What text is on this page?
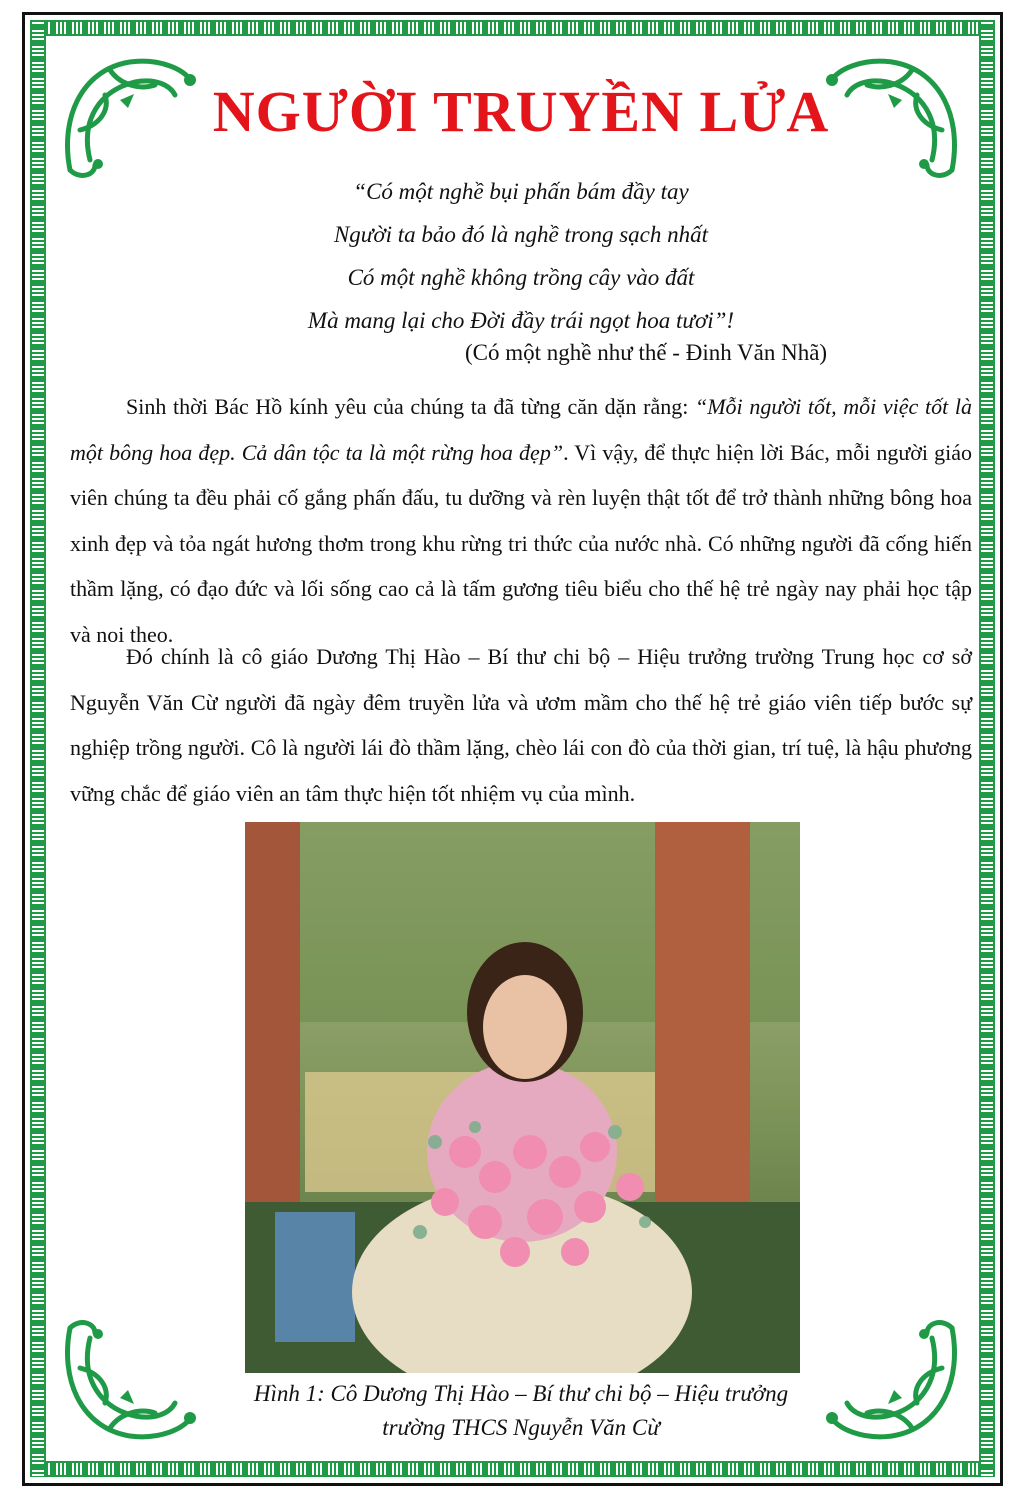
NGƯỜI TRUYỀN LỬA
“Có một nghề bụi phấn bám đầy tay
Người ta bảo đó là nghề trong sạch nhất
Có một nghề không trồng cây vào đất
Mà mang lại cho Đời đầy trái ngọt hoa tươi”!
(Có một nghề như thế - Đinh Văn Nhã)

Sinh thời Bác Hồ kính yêu của chúng ta đã từng căn dặn rằng: “Mỗi người tốt, mỗi việc tốt là một bông hoa đẹp. Cả dân tộc ta là một rừng hoa đẹp”. Vì vậy, để thực hiện lời Bác, mỗi người giáo viên chúng ta đều phải cố gắng phấn đấu, tu dưỡng và rèn luyện thật tốt để trở thành những bông hoa xinh đẹp và tỏa ngát hương thơm trong khu rừng tri thức của nước nhà. Có những người đã cống hiến thầm lặng, có đạo đức và lối sống cao cả là tấm gương tiêu biểu cho thế hệ trẻ ngày nay phải học tập và noi theo.

Đó chính là cô giáo Dương Thị Hào – Bí thư chi bộ – Hiệu trưởng trường Trung học cơ sở Nguyễn Văn Cừ người đã ngày đêm truyền lửa và ươm mầm cho thế hệ trẻ giáo viên tiếp bước sự nghiệp trồng người. Cô là người lái đò thầm lặng, chèo lái con đò của thời gian, trí tuệ, là hậu phương vững chắc để giáo viên an tâm thực hiện tốt nhiệm vụ của mình.

Hình 1: Cô Dương Thị Hào – Bí thư chi bộ – Hiệu trưởng
trường THCS Nguyễn Văn Cừ
